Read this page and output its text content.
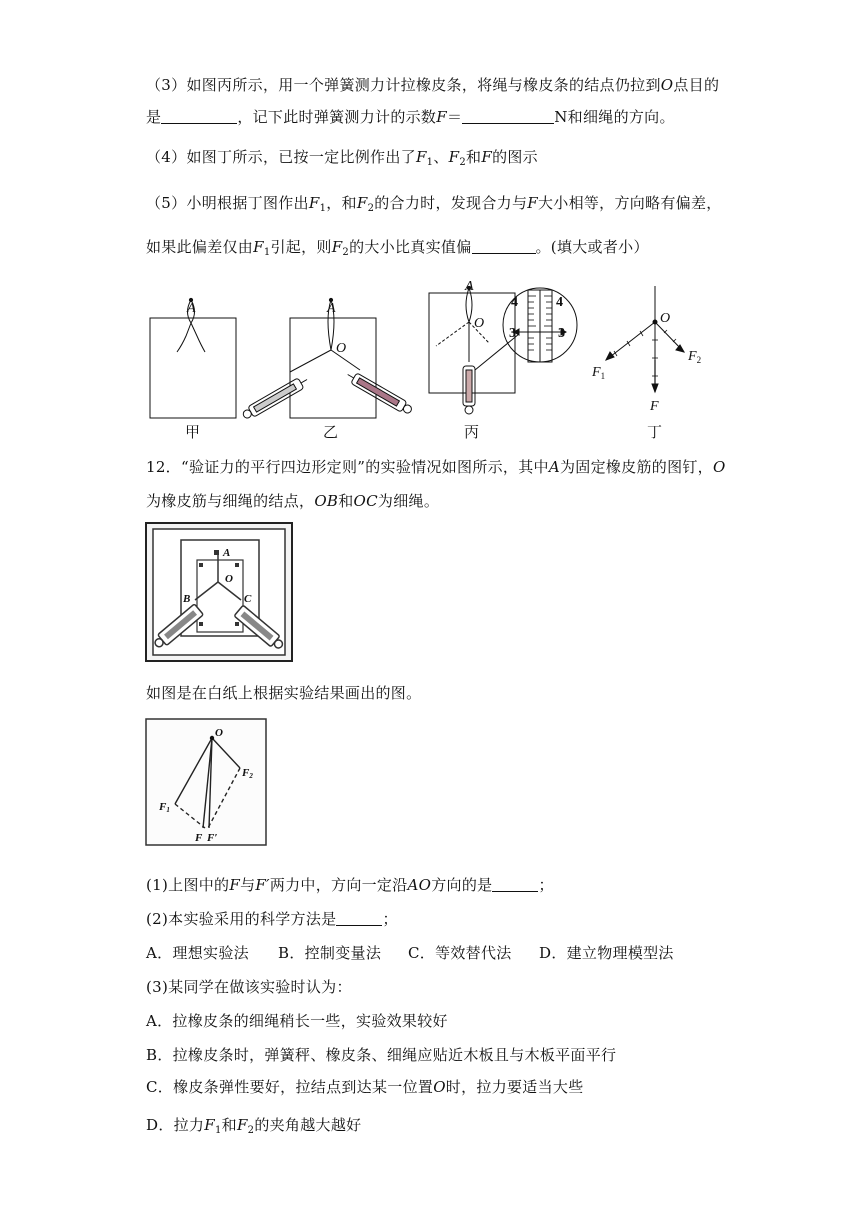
（3）如图丙所示，用一个弹簧测力计拉橡皮条，将绳与橡皮条的结点仍拉到O点目的
是	，记下此时弹簧测力计的示数F＝	N和细绳的方向。
（4）如图丁所示，已按一定比例作出了$F_1$、$F_2$和F的图示
（5）小明根据丁图作出$F_1$，和$F_2$的合力时，发现合力与F大小相等，方向略有偏差，
如果此偏差仅由$F_1$引起，则$F_2$的大小比真实值偏	。(填大或者小）
A	A
O
A
O	O
$F_1$
$F_2$
F
4	4
3	3
甲	乙	丙	丁
12．“验证力的平行四边形定则”的实验情况如图所示，其中A为固定橡皮筋的图钉，O
为橡皮筋与细绳的结点，OB和OC为细绳。
A
O
B	C
如图是在白纸上根据实验结果画出的图。
O
F1
F2
F F′
(1)上图中的F与F′两力中，方向一定沿AO方向的是	；
(2)本实验采用的科学方法是	；
A．理想实验法 B．控制变量法 C．等效替代法 D．建立物理模型法
(3)某同学在做该实验时认为：
A．拉橡皮条的细绳稍长一些，实验效果较好
B．拉橡皮条时，弹簧秤、橡皮条、细绳应贴近木板且与木板平面平行
C．橡皮条弹性要好，拉结点到达某一位置O时，拉力要适当大些
D．拉力$F_1$和$F_2$的夹角越大越好
